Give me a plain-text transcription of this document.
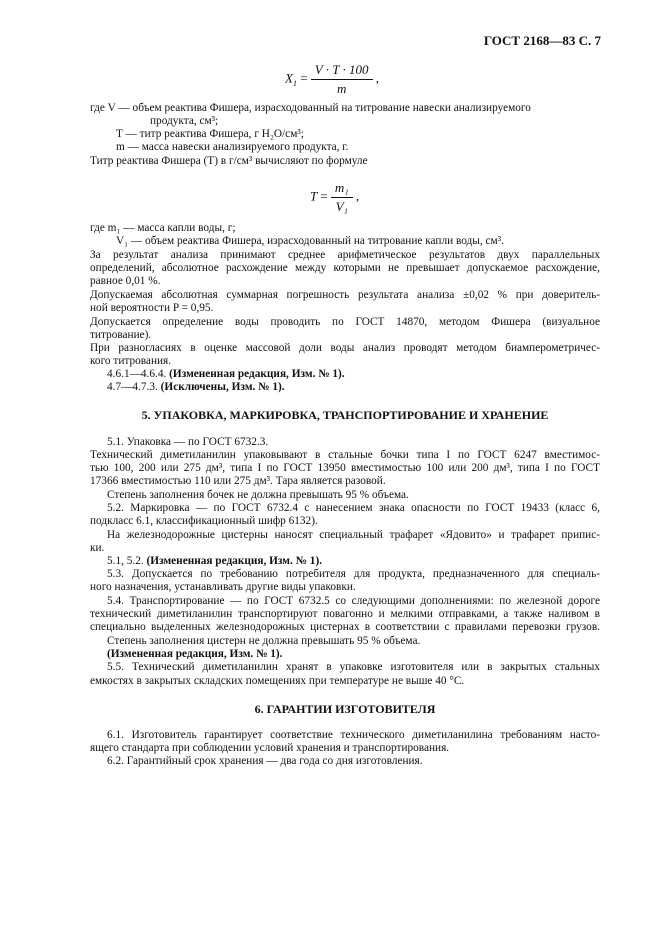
ГОСТ 2168—83 С. 7
$X_1 = \frac{V \cdot T \cdot 100}{m}$ ,
где V — объем реактива Фишера, израсходованный на титрование навески анализируемого
продукта, см³;
T — титр реактива Фишера, г H₂O/см³;
m — масса навески анализируемого продукта, г.
Титр реактива Фишера (T) в г/см³ вычисляют по формуле
$T = \frac{\text{m₁}}{\text{V₁}}$ ,
где m₁ — масса капли воды, г;
V₁ — объем реактива Фишера, израсходованный на титрование капли воды, см³.
За результат анализа принимают среднее арифметическое результатов двух параллельных
определений, абсолютное расхождение между которыми не превышает допускаемое расхождение,
равное 0,01 %.
Допускаемая абсолютная суммарная погрешность результата анализа ±0,02 % при доверитель-
ной вероятности P = 0,95.
Допускается определение воды проводить по ГОСТ 14870, методом Фишера (визуальное
титрование).
При разногласиях в оценке массовой доли воды анализ проводят методом биамперометричес-
кого титрования.
4.6.1—4.6.4. (Измененная редакция, Изм. № 1).
4.7—4.7.3. (Исключены, Изм. № 1).
5. УПАКОВКА, МАРКИРОВКА, ТРАНСПОРТИРОВАНИЕ И ХРАНЕНИЕ
5.1. Упаковка — по ГОСТ 6732.3.
Технический диметиланилин упаковывают в стальные бочки типа I по ГОСТ 6247 вместимос-
тью 100, 200 или 275 дм³, типа I по ГОСТ 13950 вместимостью 100 или 200 дм³, типа I по ГОСТ
17366 вместимостью 110 или 275 дм³. Тара является разовой.
Степень заполнения бочек не должна превышать 95 % объема.
5.2. Маркировка — по ГОСТ 6732.4 с нанесением знака опасности по ГОСТ 19433 (класс 6,
подкласс 6.1, классификационный шифр 6132).
На железнодорожные цистерны наносят специальный трафарет «Ядовито» и трафарет припис-
ки.
5.1, 5.2. (Измененная редакция, Изм. № 1).
5.3. Допускается по требованию потребителя для продукта, предназначенного для специаль-
ного назначения, устанавливать другие виды упаковки.
5.4. Транспортирование — по ГОСТ 6732.5 со следующими дополнениями: по железной дороге
технический диметиланилин транспортируют повагонно и мелкими отправками, а также наливом в
специально выделенных железнодорожных цистернах в соответствии с правилами перевозки грузов.
Степень заполнения цистерн не должна превышать 95 % объема.
(Измененная редакция, Изм. № 1).
5.5. Технический диметиланилин хранят в упаковке изготовителя или в закрытых стальных
емкостях в закрытых складских помещениях при температуре не выше 40 °С.
6. ГАРАНТИИ ИЗГОТОВИТЕЛЯ
6.1. Изготовитель гарантирует соответствие технического диметиланилина требованиям насто-
ящего стандарта при соблюдении условий хранения и транспортирования.
6.2. Гарантийный срок хранения — два года со дня изготовления.
